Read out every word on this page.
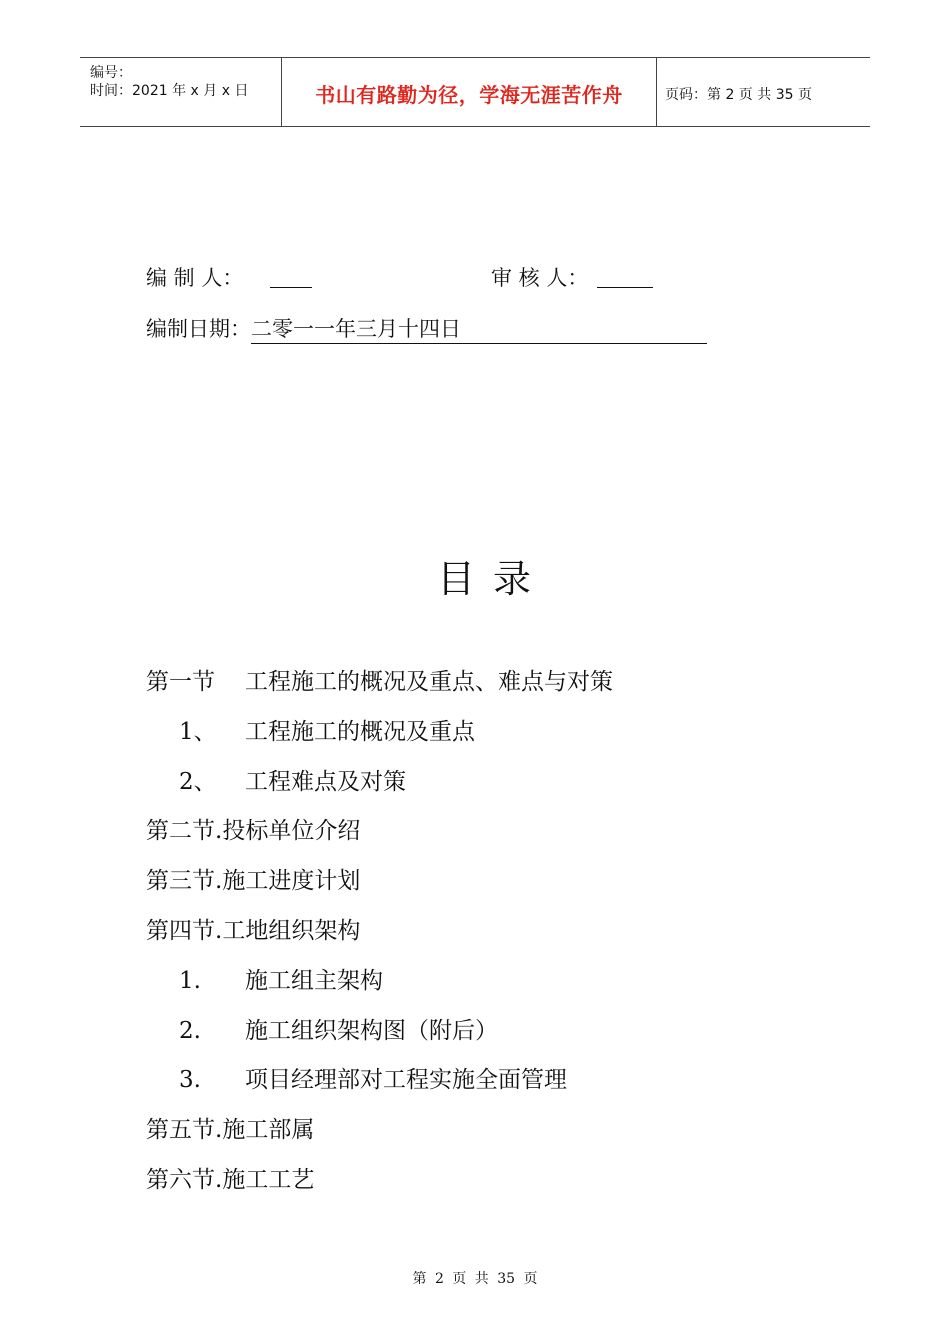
编号：
时间：2021 年 x 月 x 日	书山有路勤为径，学海无涯苦作舟	页码：第 2 页 共 35 页
编 制 人：	审 核 人：
编制日期：二零一一年三月十四日
目录
第一节 工程施工的概况及重点、难点与对策
1、 工程施工的概况及重点
2、 工程难点及对策
第二节.投标单位介绍
第三节.施工进度计划
第四节.工地组织架构
1. 施工组主架构
2. 施工组织架构图（附后）
3. 项目经理部对工程实施全面管理
第五节.施工部属
第六节.施工工艺
第 2 页 共 35 页
